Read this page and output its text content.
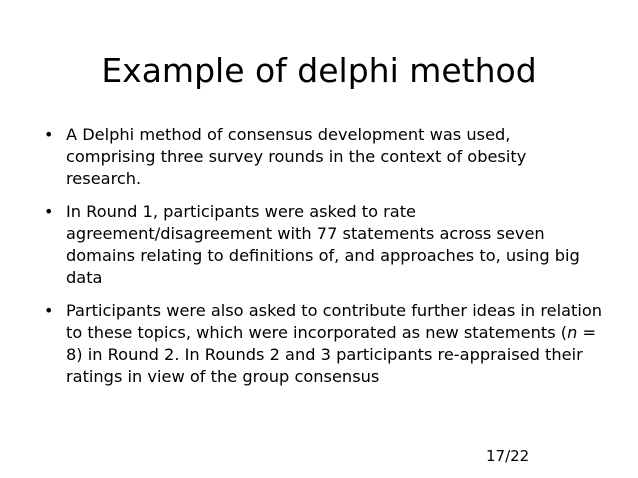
Example of delphi method
• A Delphi method of consensus development was used, comprising three survey rounds in the context of obesity research.
• In Round 1, participants were asked to rate agreement/disagreement with 77 statements across seven domains relating to definitions of, and approaches to, using big data
• Participants were also asked to contribute further ideas in relation to these topics, which were incorporated as new statements (n = 8) in Round 2. In Rounds 2 and 3 participants re-appraised their ratings in view of the group consensus
17/22
